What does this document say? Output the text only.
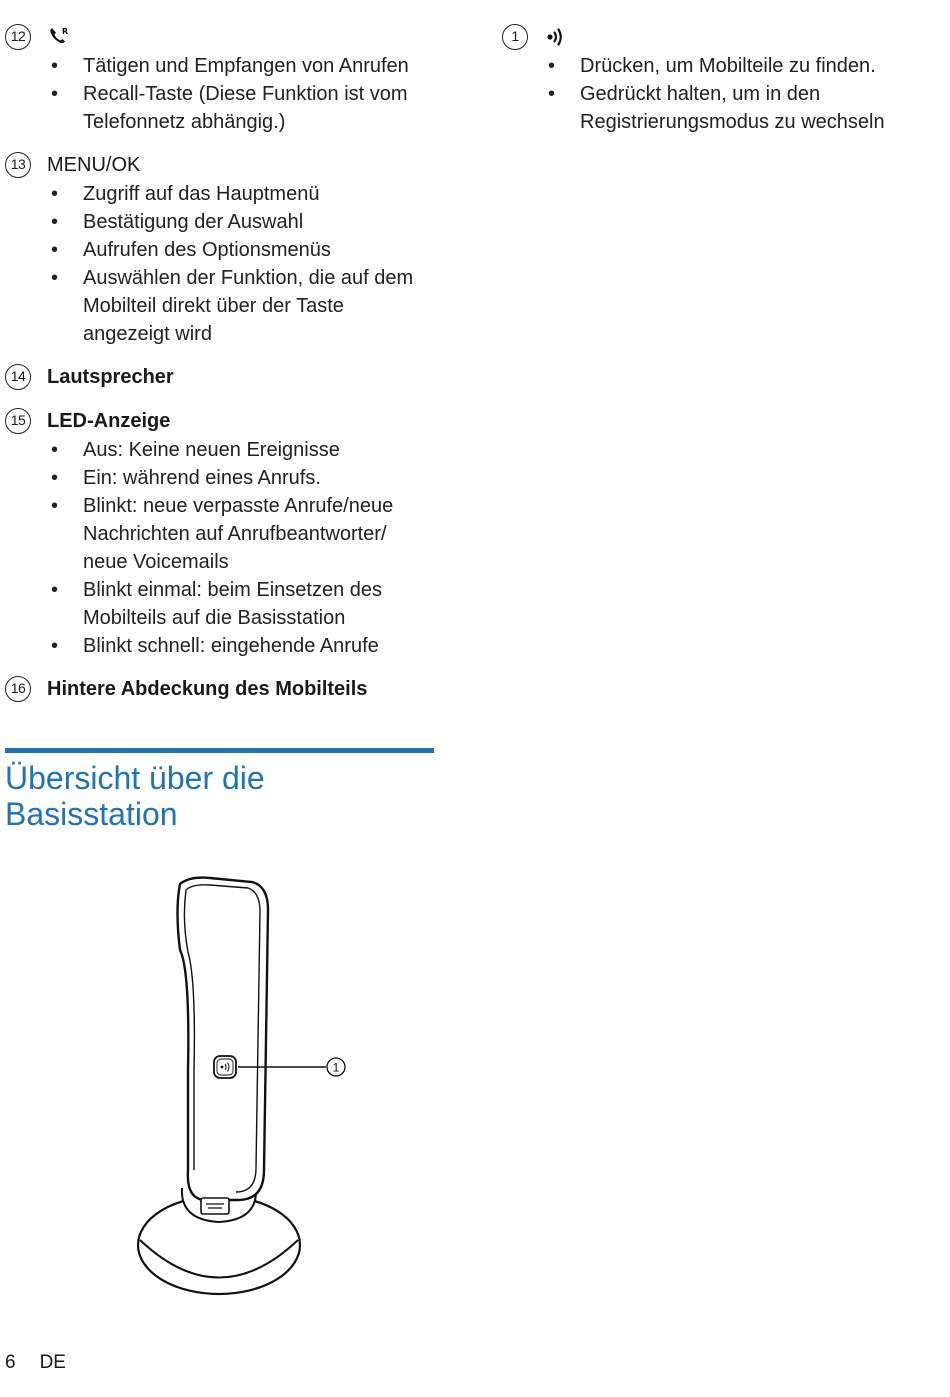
12	R
• Tätigen und Empfangen von Anrufen
• Recall-Taste (Diese Funktion ist vom Telefonnetz abhängig.)
13 MENU/OK
• Zugriff auf das Hauptmenü
• Bestätigung der Auswahl
• Aufrufen des Optionsmenüs
• Auswählen der Funktion, die auf dem Mobilteil direkt über der Taste angezeigt wird
14 Lautsprecher
15 LED-Anzeige
• Aus: Keine neuen Ereignisse
• Ein: während eines Anrufs.
• Blinkt: neue verpasste Anrufe/neue Nachrichten auf Anrufbeantworter/ neue Voicemails
• Blinkt einmal: beim Einsetzen des Mobilteils auf die Basisstation
• Blinkt schnell: eingehende Anrufe
16 Hintere Abdeckung des Mobilteils
1
• Drücken, um Mobilteile zu finden.
• Gedrückt halten, um in den Registrierungsmodus zu wechseln
Übersicht über die
Basisstation
1
6 DE
